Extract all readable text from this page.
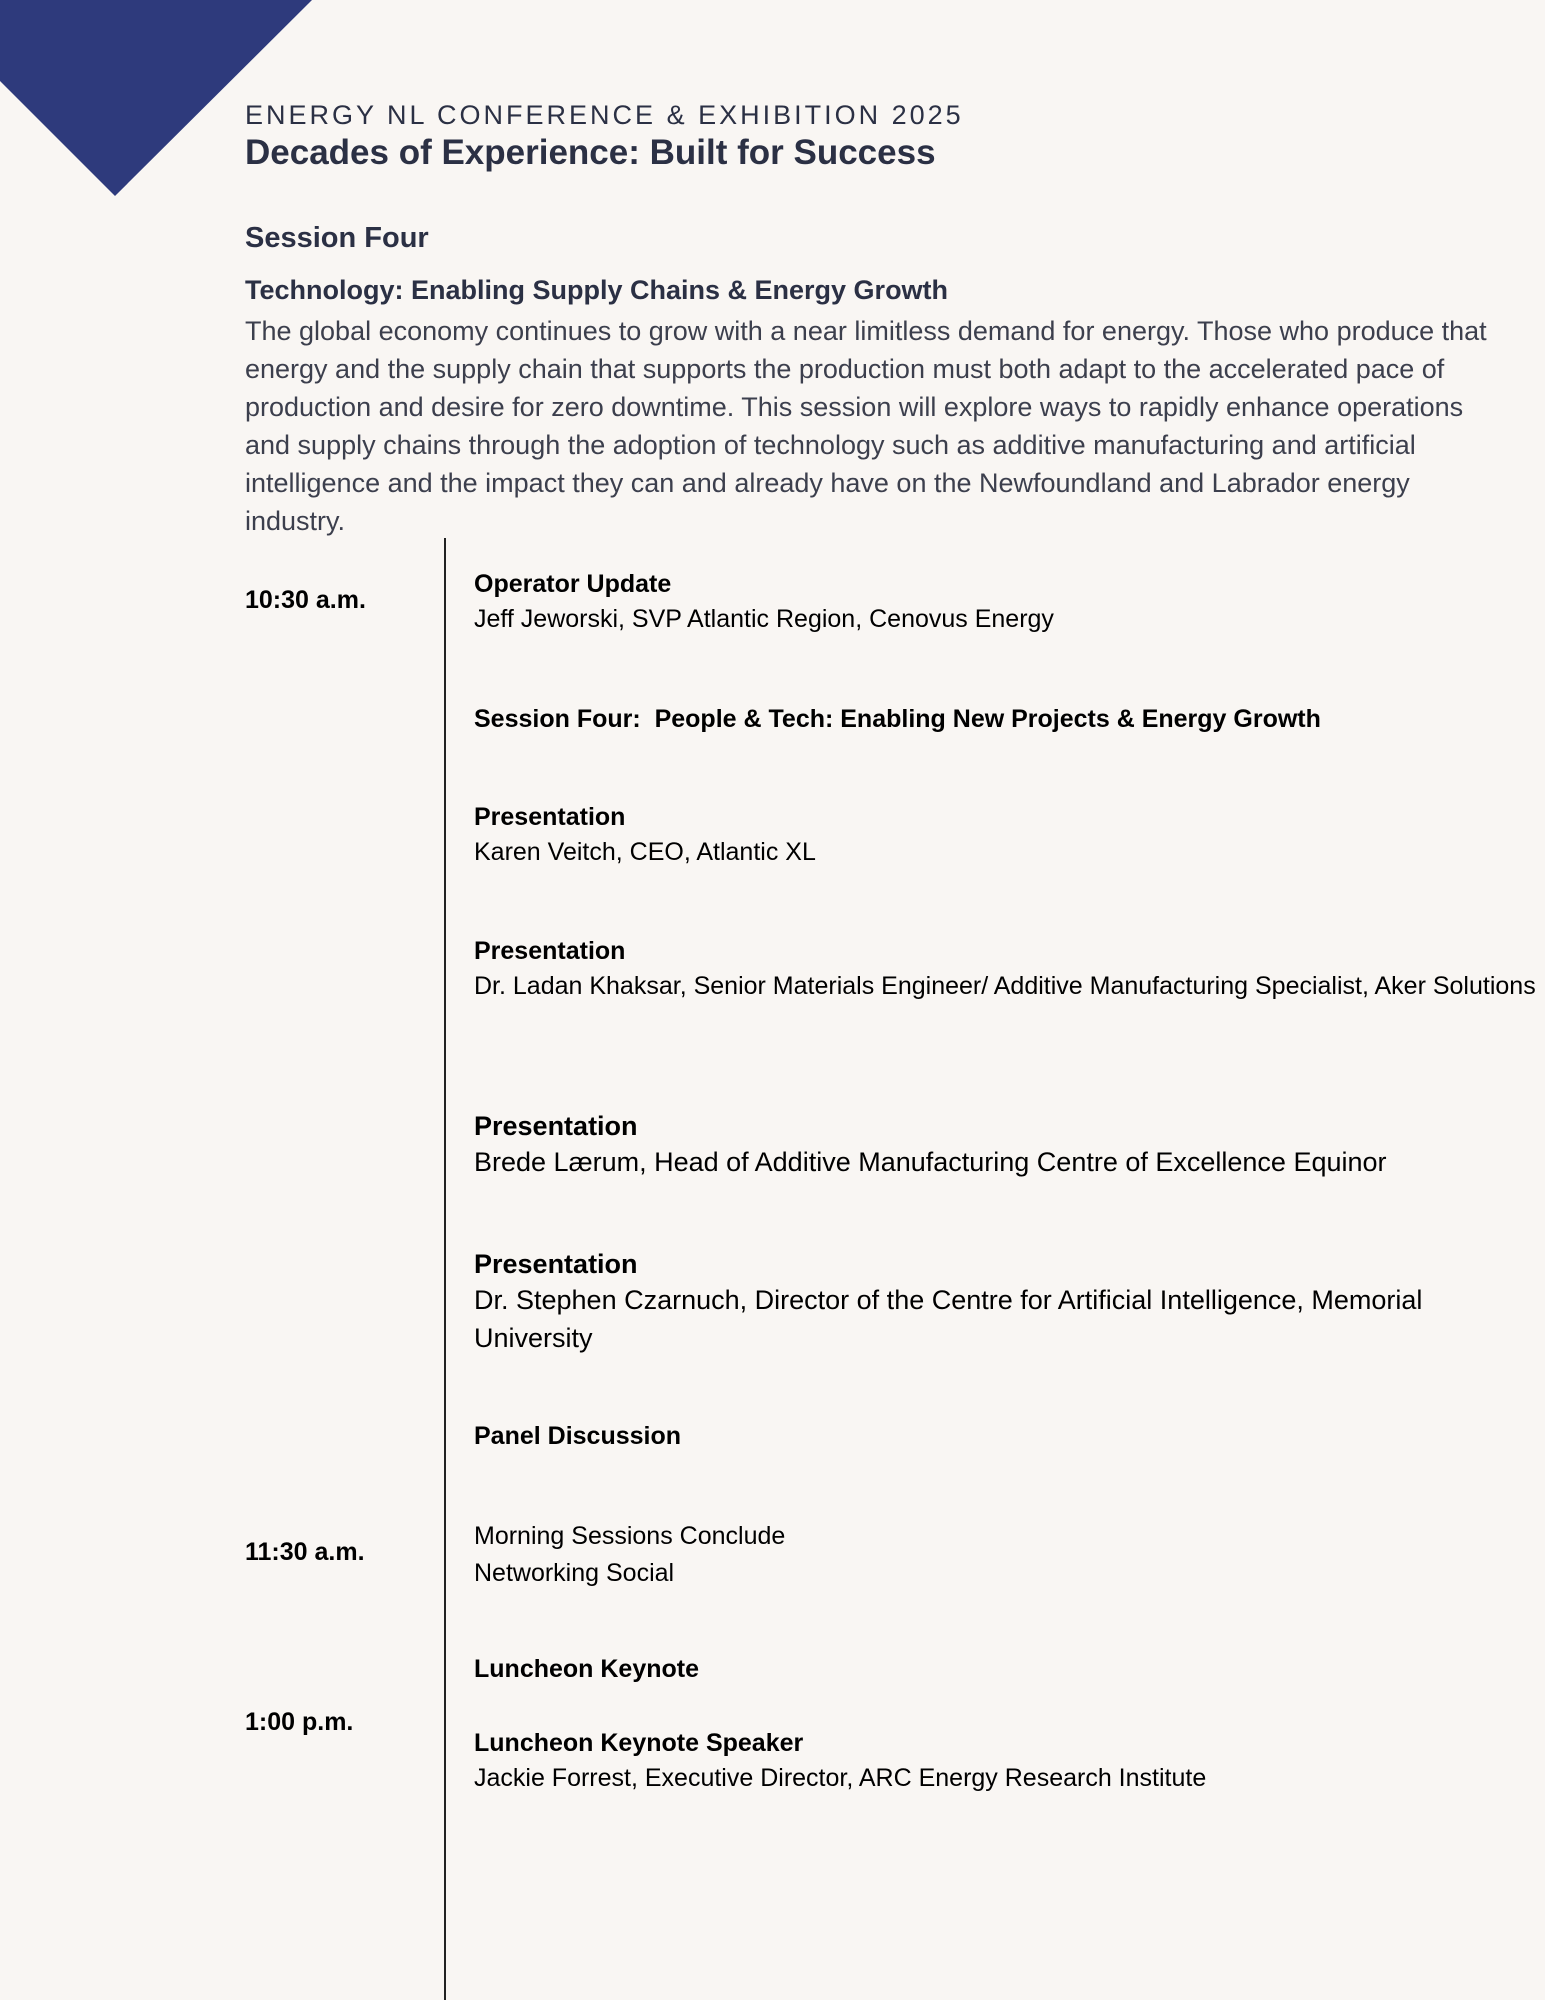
ENERGY NL CONFERENCE & EXHIBITION 2025
Decades of Experience: Built for Success
Session Four
Technology: Enabling Supply Chains & Energy Growth

The global economy continues to grow with a near limitless demand for energy. Those who produce that energy and the supply chain that supports the production must both adapt to the accelerated pace of production and desire for zero downtime. This session will explore ways to rapidly enhance operations and supply chains through the adoption of technology such as additive manufacturing and artificial intelligence and the impact they can and already have on the Newfoundland and Labrador energy industry.

10:30 a.m.
11:30 a.m.
1:00 p.m.
Operator Update
Jeff Jeworski, SVP Atlantic Region, Cenovus Energy
Session Four:  People & Tech: Enabling New Projects & Energy Growth
Presentation
Karen Veitch, CEO, Atlantic XL
Presentation
Dr. Ladan Khaksar, Senior Materials Engineer/ Additive Manufacturing Specialist, Aker Solutions
Presentation
Brede Lærum, Head of Additive Manufacturing Centre of Excellence Equinor
Presentation
Dr. Stephen Czarnuch, Director of the Centre for Artificial Intelligence, Memorial University
Panel Discussion
Morning Sessions Conclude
Networking Social
Luncheon Keynote
Luncheon Keynote Speaker
Jackie Forrest, Executive Director, ARC Energy Research Institute
